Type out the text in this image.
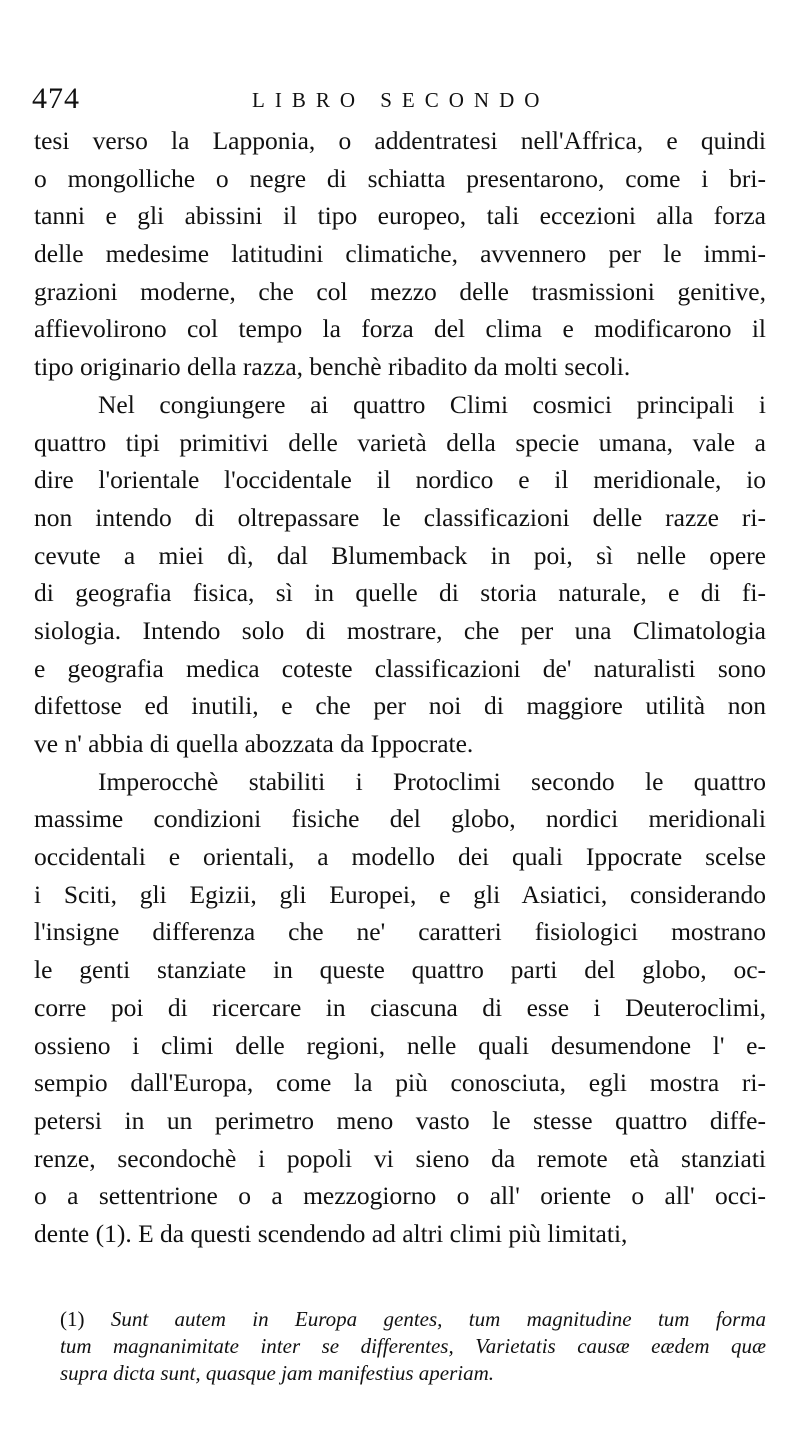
474	LIBRO SECONDO
tesi verso la Lapponia, o addentratesi nell'Affrica, e quindi
o mongolliche o negre di schiatta presentarono, come i bri-
tanni e gli abissini il tipo europeo, tali eccezioni alla forza
delle medesime latitudini climatiche, avvennero per le immi-
grazioni moderne, che col mezzo delle trasmissioni genitive,
affievolirono col tempo la forza del clima e modificarono il
tipo originario della razza, benchè ribadito da molti secoli.
Nel congiungere ai quattro Climi cosmici principali i
quattro tipi primitivi delle varietà della specie umana, vale a
dire l'orientale l'occidentale il nordico e il meridionale, io
non intendo di oltrepassare le classificazioni delle razze ri-
cevute a miei dì, dal Blumemback in poi, sì nelle opere
di geografia fisica, sì in quelle di storia naturale, e di fi-
siologia. Intendo solo di mostrare, che per una Climatologia
e geografia medica coteste classificazioni de' naturalisti sono
difettose ed inutili, e che per noi di maggiore utilità non
ve n' abbia di quella abozzata da Ippocrate.
Imperocchè stabiliti i Protoclimi secondo le quattro
massime condizioni fisiche del globo, nordici meridionali
occidentali e orientali, a modello dei quali Ippocrate scelse
i Sciti, gli Egizii, gli Europei, e gli Asiatici, considerando
l'insigne differenza che ne' caratteri fisiologici mostrano
le genti stanziate in queste quattro parti del globo, oc-
corre poi di ricercare in ciascuna di esse i Deuteroclimi,
ossieno i climi delle regioni, nelle quali desumendone l' e-
sempio dall'Europa, come la più conosciuta, egli mostra ri-
petersi in un perimetro meno vasto le stesse quattro diffe-
renze, secondochè i popoli vi sieno da remote età stanziati
o a settentrione o a mezzogiorno o all' oriente o all' occi-
dente (1). E da questi scendendo ad altri climi più limitati,
(1) Sunt autem in Europa gentes, tum magnitudine tum forma
tum magnanimitate inter se differentes, Varietatis causæ eædem quæ
supra dicta sunt, quasque jam manifestius aperiam.
